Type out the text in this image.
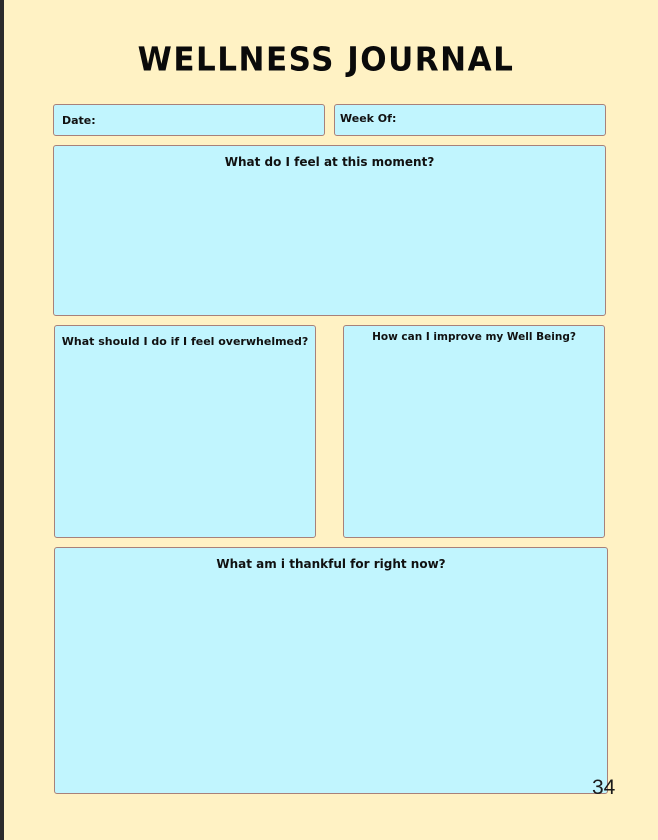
WELLNESS JOURNAL
Date:	Week Of:
What do I feel at this moment?
What should I do if I feel overwhelmed?	How can I improve my Well Being?
What am i thankful for right now?
34
